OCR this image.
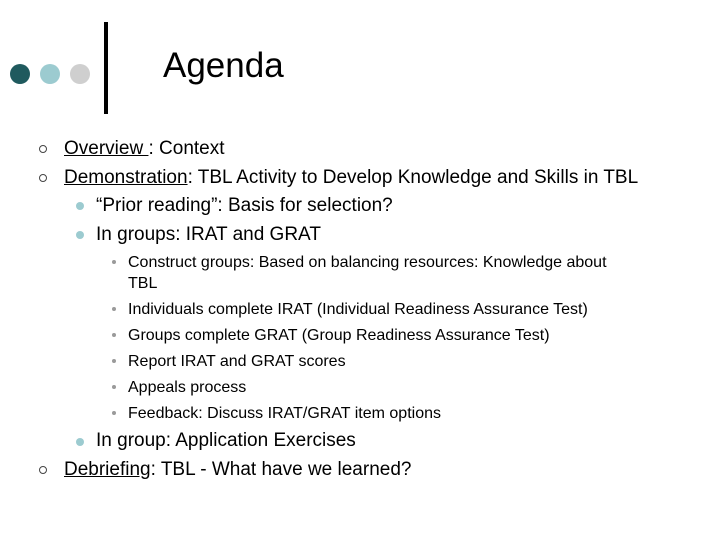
Agenda
Overview : Context
Demonstration: TBL Activity to Develop Knowledge and Skills in TBL
“Prior reading”: Basis for selection?
In groups: IRAT and GRAT
Construct groups: Based on balancing resources: Knowledge about
TBL
Individuals complete IRAT (Individual Readiness Assurance Test)
Groups complete GRAT (Group Readiness Assurance Test)
Report IRAT and GRAT scores
Appeals process
Feedback: Discuss IRAT/GRAT item options
In group: Application Exercises
Debriefing: TBL - What have we learned?
